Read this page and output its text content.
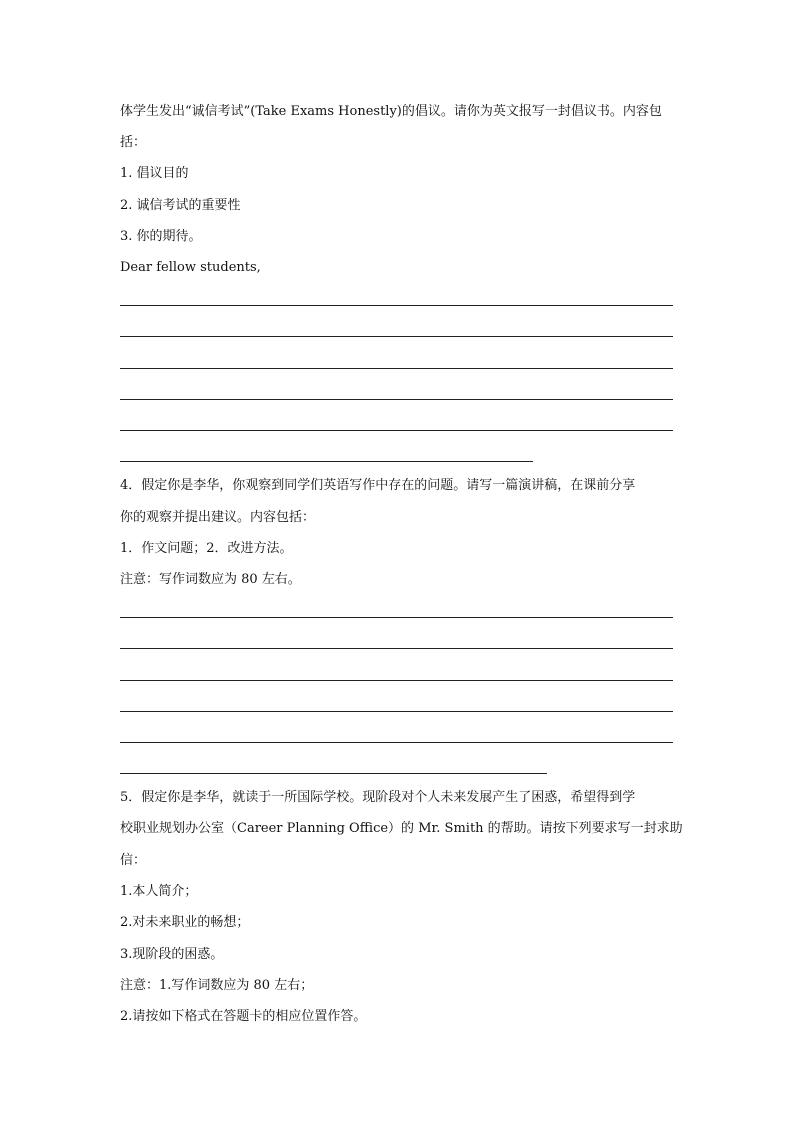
体学生发出“诚信考试”(Take Exams Honestly)的倡议。请你为英文报写一封倡议书。内容包
括：
1. 倡议目的
2. 诚信考试的重要性
3. 你的期待。
Dear fellow students,
4．假定你是李华，你观察到同学们英语写作中存在的问题。请写一篇演讲稿，在课前分享
你的观察并提出建议。内容包括：
1．作文问题；2．改进方法。
注意：写作词数应为 80 左右。
5．假定你是李华，就读于一所国际学校。现阶段对个人未来发展产生了困惑，希望得到学
校职业规划办公室（Career Planning Office）的 Mr. Smith 的帮助。请按下列要求写一封求助
信：
1.本人简介；
2.对未来职业的畅想；
3.现阶段的困惑。
注意：1.写作词数应为 80 左右；
2.请按如下格式在答题卡的相应位置作答。
